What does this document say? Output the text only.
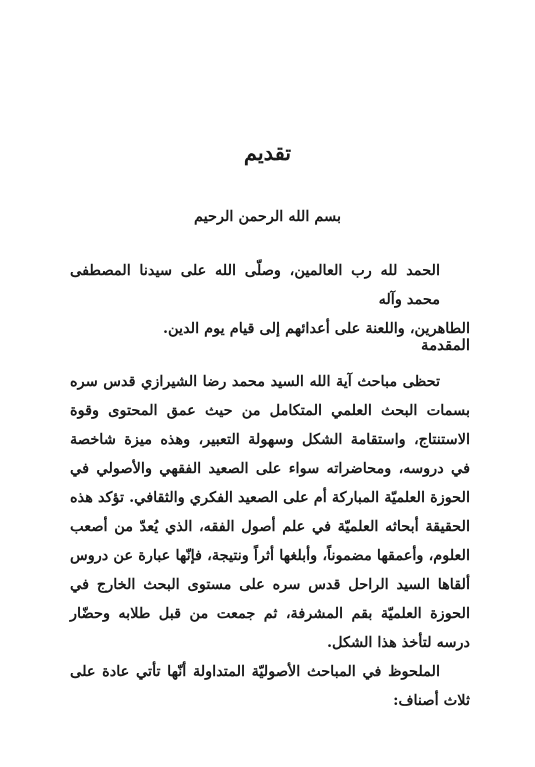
تقديم
بسم الله الرحمن الرحيم
الحمد لله رب العالمين، وصلّى الله على سيدنا المصطفى محمد وآله
الطاهرين، واللعنة على أعدائهم إلى قيام يوم الدين.
المقدمة
تحظى مباحث آية الله السيد محمد رضا الشيرازي قدس سره بسمات البحث العلمي المتكامل من حيث عمق المحتوى وقوة الاستنتاج، واستقامة الشكل وسهولة التعبير، وهذه ميزة شاخصة في دروسه، ومحاضراته سواء على الصعيد الفقهي والأصولي في الحوزة العلميّة المباركة أم على الصعيد الفكري والثقافي. تؤكد هذه الحقيقة أبحاثه العلميّة في علم أصول الفقه، الذي يُعدّ من أصعب العلوم، وأعمقها مضموناً، وأبلغها أثراً ونتيجة، فإنّها عبارة عن دروس ألقاها السيد الراحل قدس سره على مستوى البحث الخارج في الحوزة العلميّة بقم المشرفة، ثم جمعت من قبل طلابه وحضّار درسه لتأخذ هذا الشكل.
الملحوظ في المباحث الأصوليّة المتداولة أنّها تأتي عادة على ثلاث أصناف:
